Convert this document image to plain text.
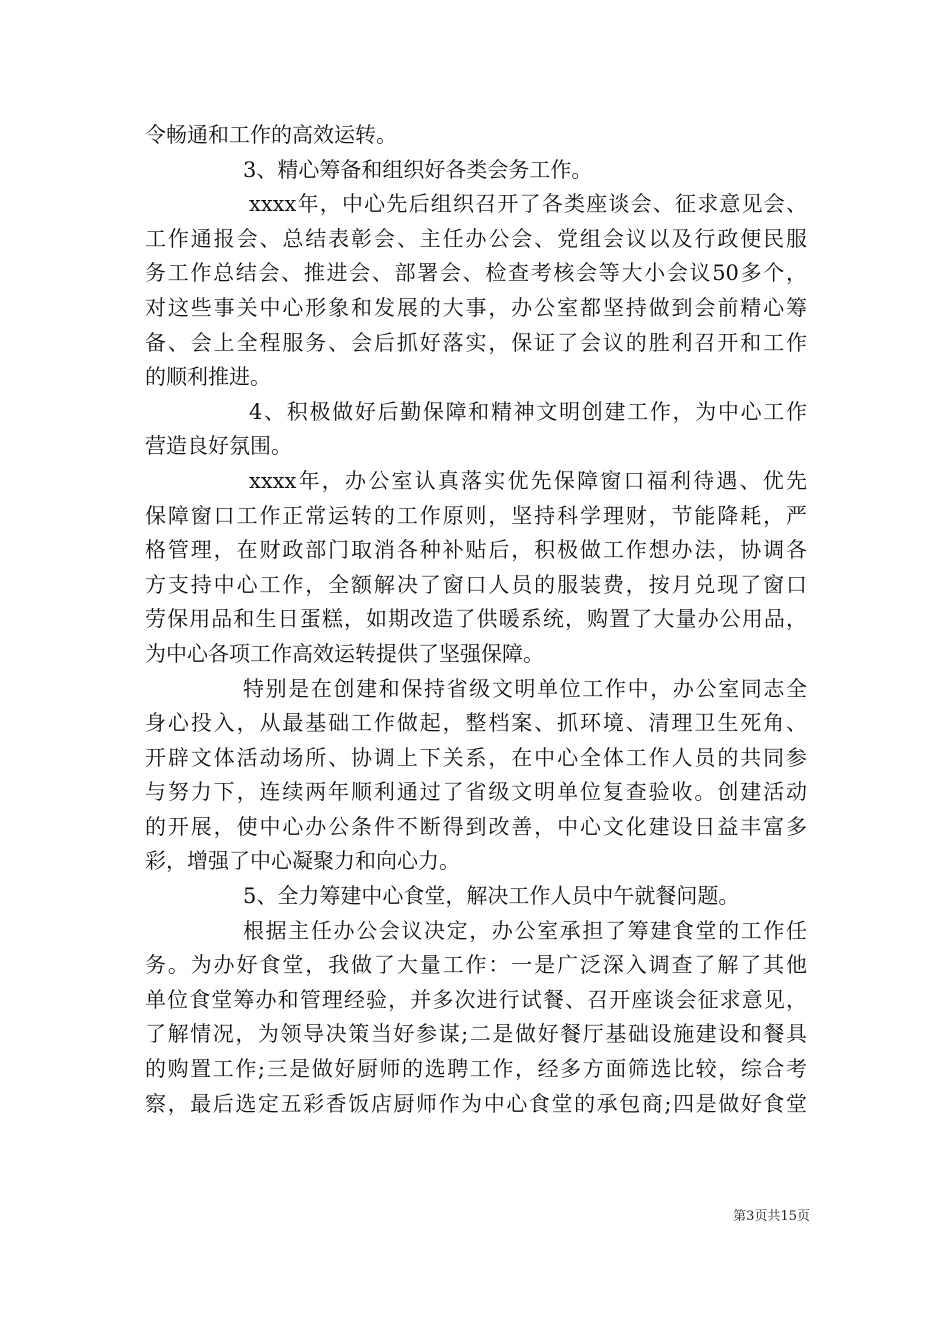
令畅通和工作的高效运转。
3、精心筹备和组织好各类会务工作。
xxxx年，中心先后组织召开了各类座谈会、征求意见会、
工作通报会、总结表彰会、主任办公会、党组会议以及行政便民服
务工作总结会、推进会、部署会、检查考核会等大小会议50多个，
对这些事关中心形象和发展的大事，办公室都坚持做到会前精心筹
备、会上全程服务、会后抓好落实，保证了会议的胜利召开和工作
的顺利推进。
4、积极做好后勤保障和精神文明创建工作，为中心工作
营造良好氛围。
xxxx年，办公室认真落实优先保障窗口福利待遇、优先
保障窗口工作正常运转的工作原则，坚持科学理财，节能降耗，严
格管理，在财政部门取消各种补贴后，积极做工作想办法，协调各
方支持中心工作，全额解决了窗口人员的服装费，按月兑现了窗口
劳保用品和生日蛋糕，如期改造了供暖系统，购置了大量办公用品，
为中心各项工作高效运转提供了坚强保障。
特别是在创建和保持省级文明单位工作中，办公室同志全
身心投入，从最基础工作做起，整档案、抓环境、清理卫生死角、
开辟文体活动场所、协调上下关系，在中心全体工作人员的共同参
与努力下，连续两年顺利通过了省级文明单位复查验收。创建活动
的开展，使中心办公条件不断得到改善，中心文化建设日益丰富多
彩，增强了中心凝聚力和向心力。
5、全力筹建中心食堂，解决工作人员中午就餐问题。
根据主任办公会议决定，办公室承担了筹建食堂的工作任
务。为办好食堂，我做了大量工作：一是广泛深入调查了解了其他
单位食堂筹办和管理经验，并多次进行试餐、召开座谈会征求意见，
了解情况，为领导决策当好参谋;二是做好餐厅基础设施建设和餐具
的购置工作;三是做好厨师的选聘工作，经多方面筛选比较，综合考
察，最后选定五彩香饭店厨师作为中心食堂的承包商;四是做好食堂
第3页共15页
